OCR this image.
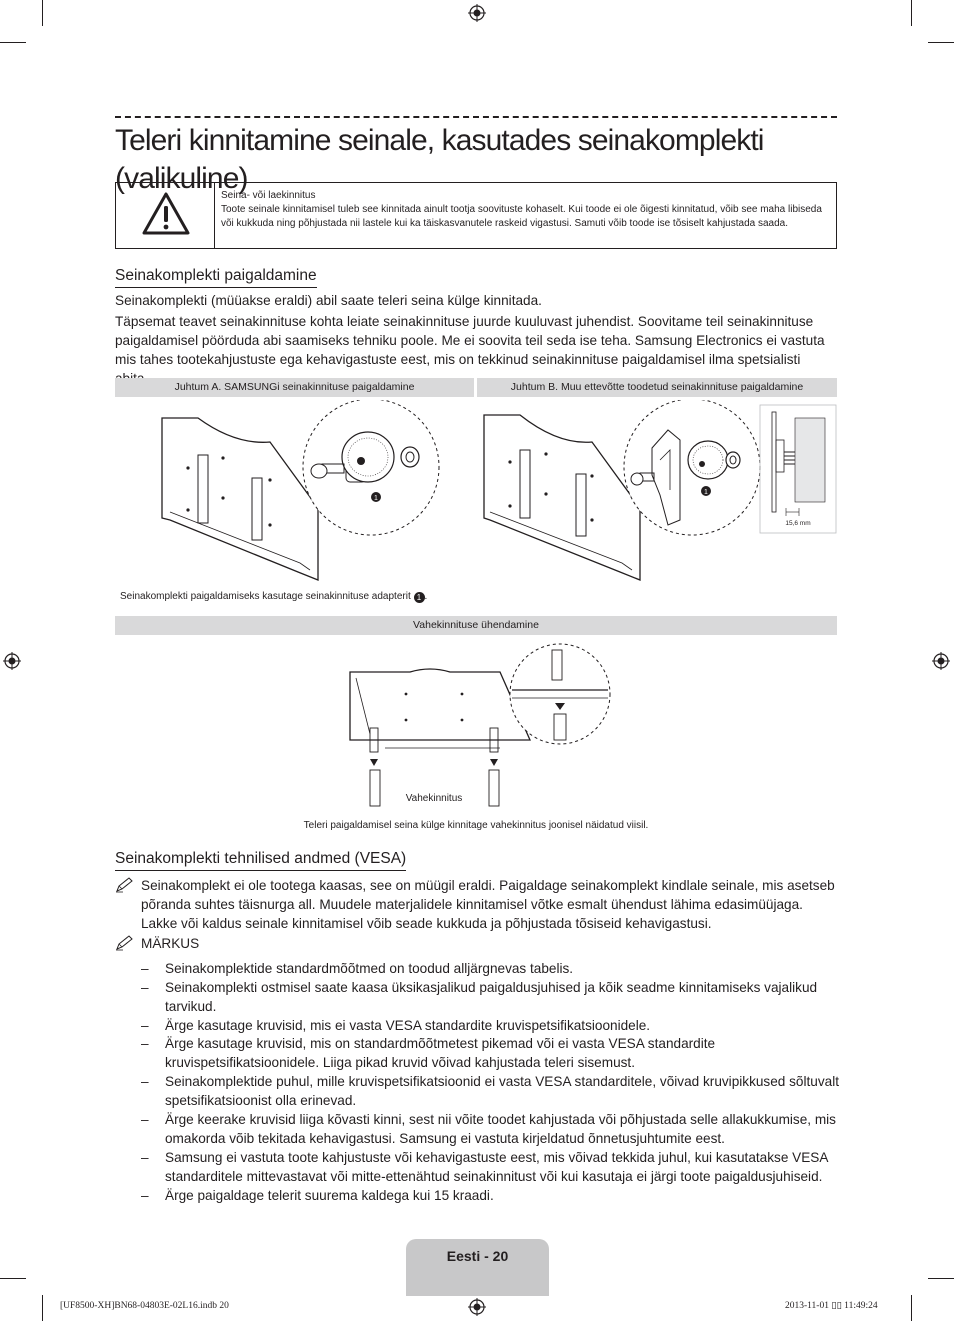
Teleri kinnitamine seinale, kasutades seinakomplekti (valikuline)
Seina- või laekinnitus
Toote seinale kinnitamisel tuleb see kinnitada ainult tootja soovituste kohaselt. Kui toode ei ole õigesti kinnitatud, võib see maha libiseda või kukkuda ning põhjustada nii lastele kui ka täiskasvanutele raskeid vigastusi. Samuti võib toode ise tõsiselt kahjustada saada.
Seinakomplekti paigaldamine

Seinakomplekti (müüakse eraldi) abil saate teleri seina külge kinnitada.

Täpsemat teavet seinakinnituse kohta leiate seinakinnituse juurde kuuluvast juhendist. Soovitame teil seinakinnituse paigaldamisel pöörduda abi saamiseks tehniku poole. Me ei soovita teil seda ise teha. Samsung Electronics ei vastuta mis tahes tootekahjustuste ega kehavigastuste eest, mis on tekkinud seinakinnituse paigaldamisel ilma spetsialisti

Juhtum A. SAMSUNGi seinakinnituse paigaldamine	Juhtum B. Muu ettevõtte toodetud seinakinnituse paigaldamine
1
1
15,6 mm
Seinakomplekti paigaldamiseks kasutage seinakinnituse adapterit 1 .
Vahekinnituse ühendamine
Vahekinnitus
Teleri paigaldamisel seina külge kinnitage vahekinnitus joonisel näidatud viisil.
Seinakomplekti tehnilised andmed (VESA)
Seinakomplekt ei ole tootega kaasas, see on müügil eraldi. Paigaldage seinakomplekt kindlale seinale, mis asetseb põranda suhtes täisnurga all. Muudele materjalidele kinnitamisel võtke esmalt ühendust lähima edasimüüjaga. Lakke või kaldus seinale kinnitamisel võib seade kukkuda ja põhjustada tõsiseid kehavigastusi.
MÄRKUS
– Seinakomplektide standardmõõtmed on toodud alljärgnevas tabelis.
– Seinakomplekti ostmisel saate kaasa üksikasjalikud paigaldusjuhised ja kõik seadme kinnitamiseks vajalikud tarvikud.
– Ärge kasutage kruvisid, mis ei vasta VESA standardite kruvispetsifikatsioonidele.
– Ärge kasutage kruvisid, mis on standardmõõtmetest pikemad või ei vasta VESA standardite kruvispetsifikatsioonidele. Liiga pikad kruvid võivad kahjustada teleri sisemust.
– Seinakomplektide puhul, mille kruvispetsifikatsioonid ei vasta VESA standarditele, võivad kruvipikkused sõltuvalt spetsifikatsioonist olla erinevad.
– Ärge keerake kruvisid liiga kõvasti kinni, sest nii võite toodet kahjustada või põhjustada selle allakukkumise, mis omakorda võib tekitada kehavigastusi. Samsung ei vastuta kirjeldatud õnnetusjuhtumite eest.
– Samsung ei vastuta toote kahjustuste või kehavigastuste eest, mis võivad tekkida juhul, kui kasutatakse VESA standarditele mittevastavat või mitte-ettenähtud seinakinnitust või kui kasutaja ei järgi toote paigaldusjuhiseid.
– Ärge paigaldage telerit suurema kaldega kui 15 kraadi.
Eesti - 20
[UF8500-XH]BN68-04803E-02L16.indb 20	2013-11-01 ▯▯ 11:49:24
